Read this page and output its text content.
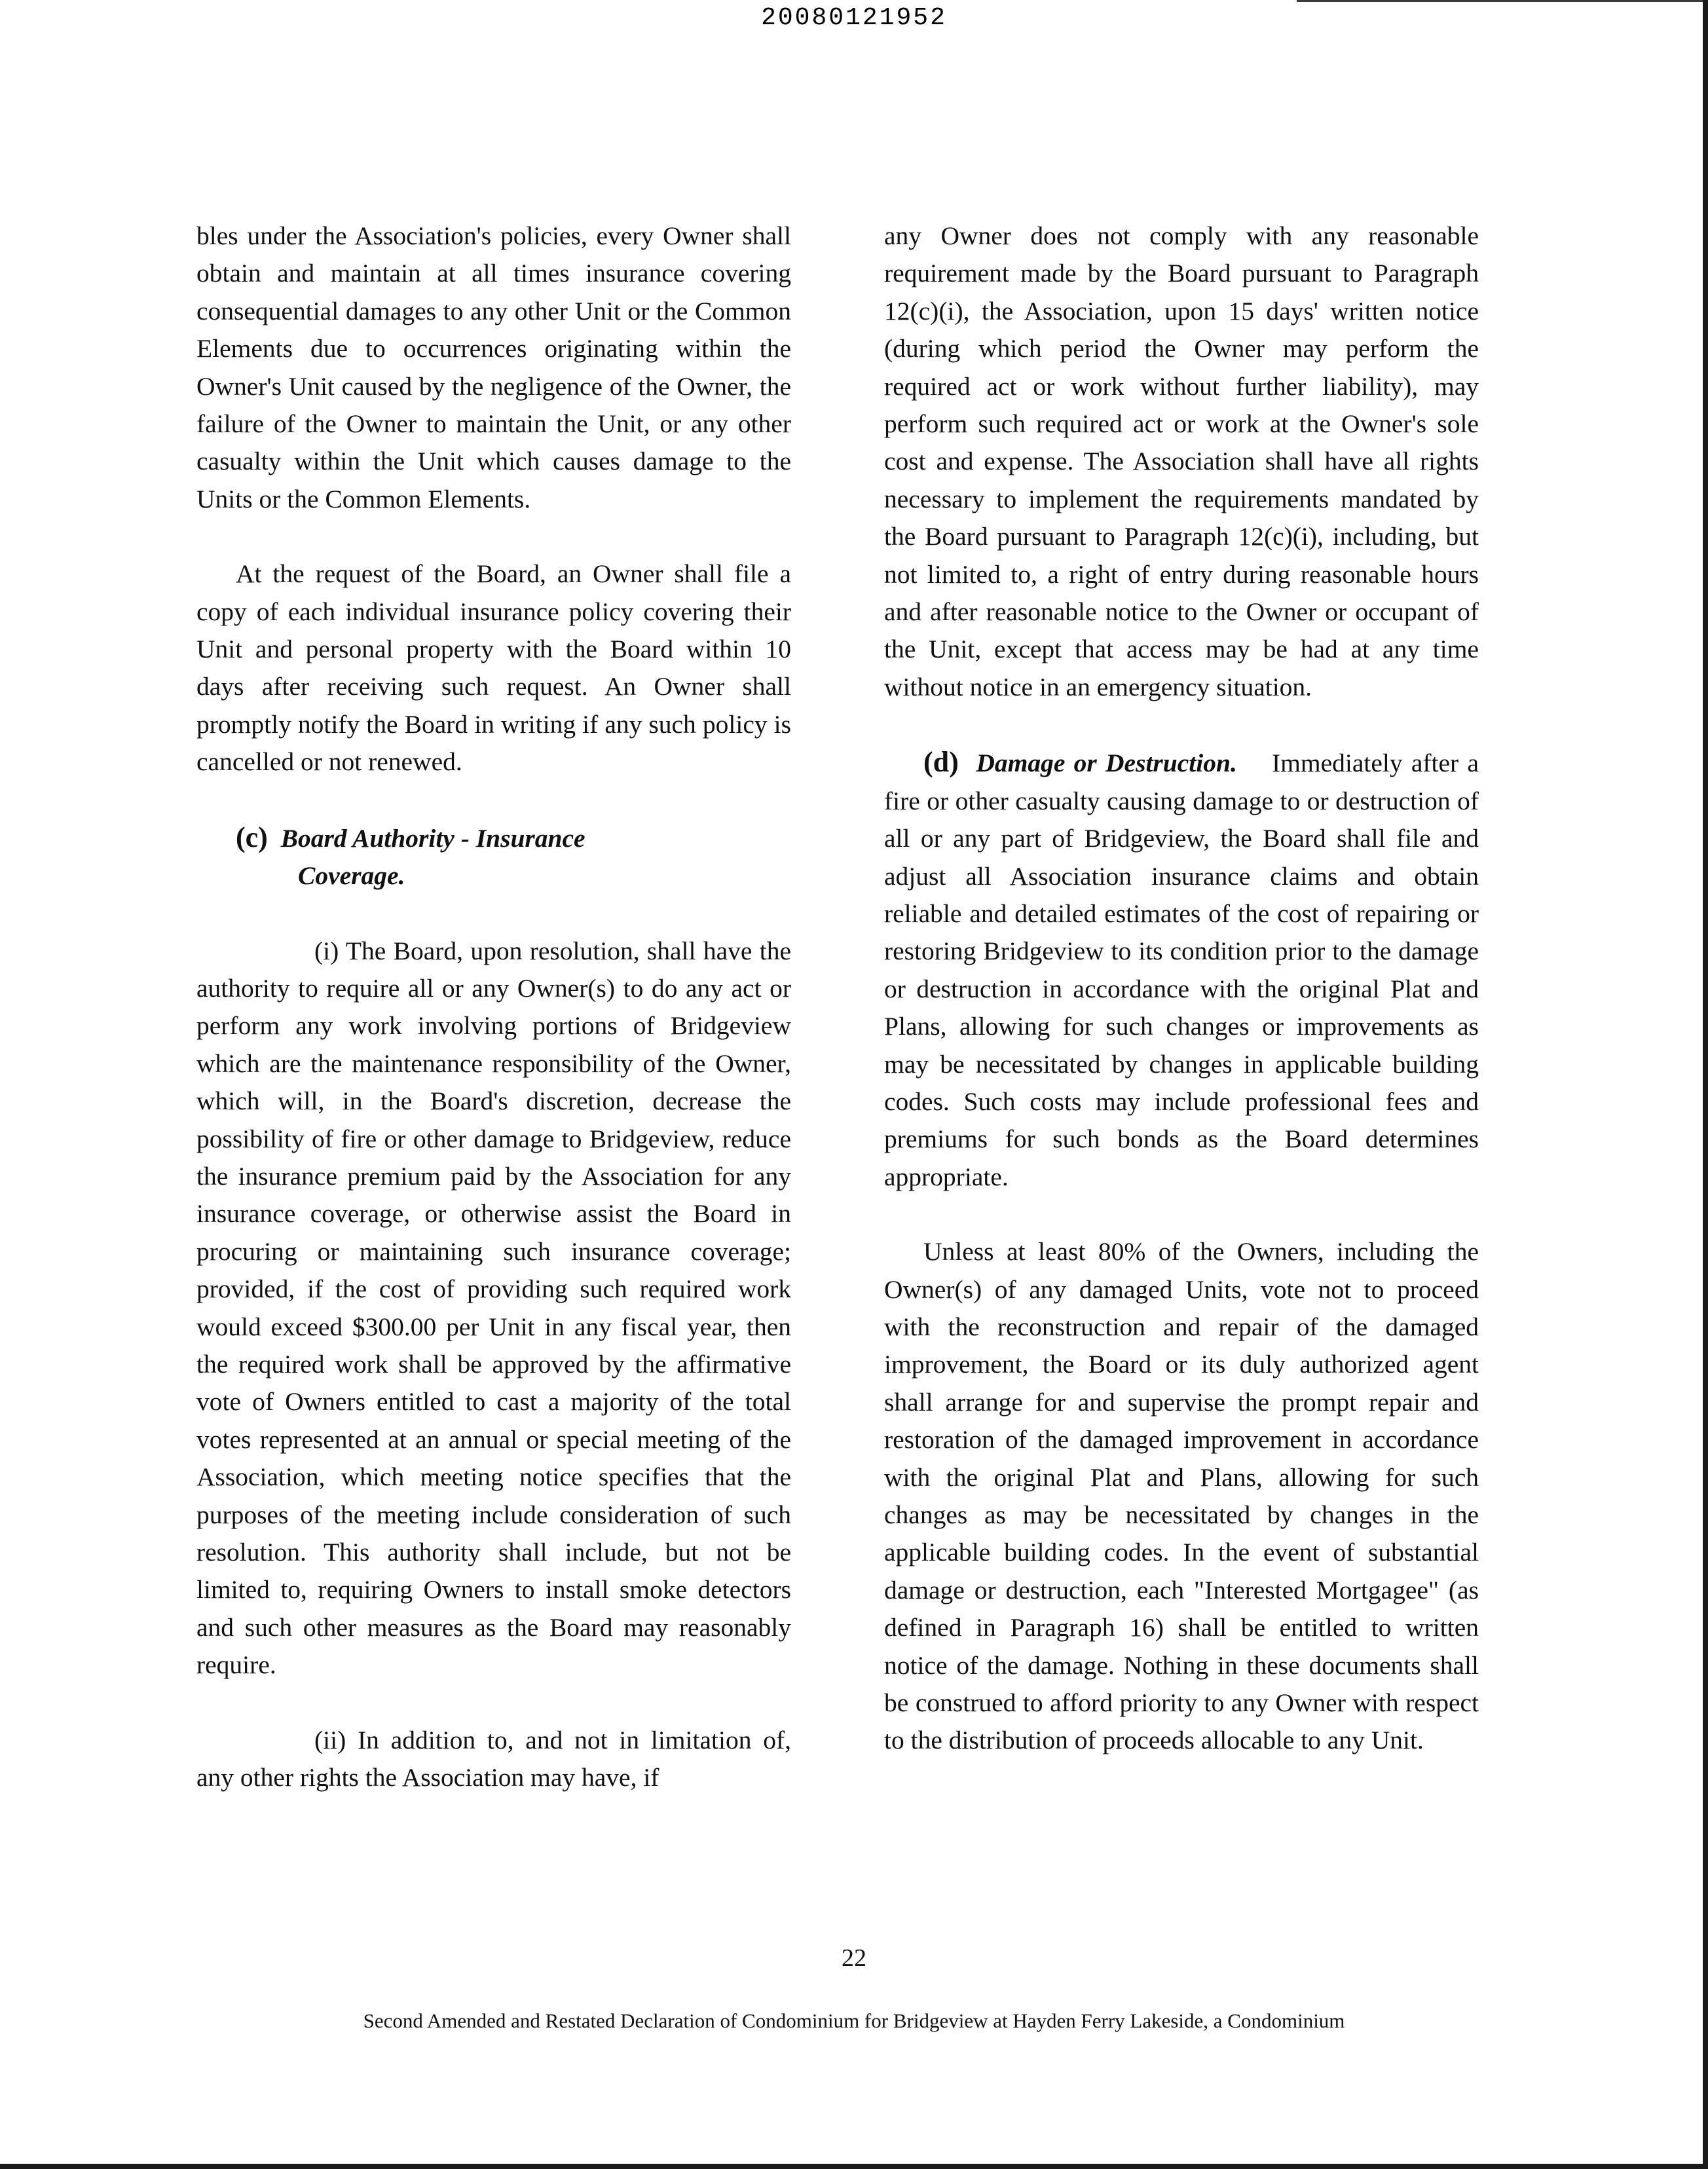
20080121952

bles under the Association's policies, every Owner shall obtain and maintain at all times insurance covering consequential damages to any other Unit or the Common Elements due to occurrences originating within the Owner's Unit caused by the negligence of the Owner, the failure of the Owner to maintain the Unit, or any other casualty within the Unit which causes damage to the Units or the Common Elements.

At the request of the Board, an Owner shall file a copy of each individual insurance policy covering their Unit and personal property with the Board within 10 days after receiving such request. An Owner shall promptly notify the Board in writing if any such policy is cancelled or not renewed.

(c) Board Authority - Insurance
Coverage.

(i) The Board, upon resolution, shall have the authority to require all or any Owner(s) to do any act or perform any work involving portions of Bridgeview which are the maintenance responsibility of the Owner, which will, in the Board's discretion, decrease the possibility of fire or other damage to Bridgeview, reduce the insurance premium paid by the Association for any insurance coverage, or otherwise assist the Board in procuring or maintaining such insurance coverage; provided, if the cost of providing such required work would exceed $300.00 per Unit in any fiscal year, then the required work shall be approved by the affirmative vote of Owners entitled to cast a majority of the total votes represented at an annual or special meeting of the Association, which meeting notice specifies that the purposes of the meeting include consideration of such resolution. This authority shall include, but not be limited to, requiring Owners to install smoke detectors and such other measures as the Board may reasonably require.

(ii) In addition to, and not in limitation of, any other rights the Association may have, if

any Owner does not comply with any reasonable requirement made by the Board pursuant to Paragraph 12(c)(i), the Association, upon 15 days' written notice (during which period the Owner may perform the required act or work without further liability), may perform such required act or work at the Owner's sole cost and expense. The Association shall have all rights necessary to implement the requirements mandated by the Board pursuant to Paragraph 12(c)(i), including, but not limited to, a right of entry during reasonable hours and after reasonable notice to the Owner or occupant of the Unit, except that access may be had at any time without notice in an emergency situation.

(d) Damage or Destruction. Immediately after a fire or other casualty causing damage to or destruction of all or any part of Bridgeview, the Board shall file and adjust all Association insurance claims and obtain reliable and detailed estimates of the cost of repairing or restoring Bridgeview to its condition prior to the damage or destruction in accordance with the original Plat and Plans, allowing for such changes or improvements as may be necessitated by changes in applicable building codes. Such costs may include professional fees and premiums for such bonds as the Board determines appropriate.

Unless at least 80% of the Owners, including the Owner(s) of any damaged Units, vote not to proceed with the reconstruction and repair of the damaged improvement, the Board or its duly authorized agent shall arrange for and supervise the prompt repair and restoration of the damaged improvement in accordance with the original Plat and Plans, allowing for such changes as may be necessitated by changes in the applicable building codes. In the event of substantial damage or destruction, each "Interested Mortgagee" (as defined in Paragraph 16) shall be entitled to written notice of the damage. Nothing in these documents shall be construed to afford priority to any Owner with respect to the distribution of proceeds allocable to any Unit.

22
Second Amended and Restated Declaration of Condominium for Bridgeview at Hayden Ferry Lakeside, a Condominium
